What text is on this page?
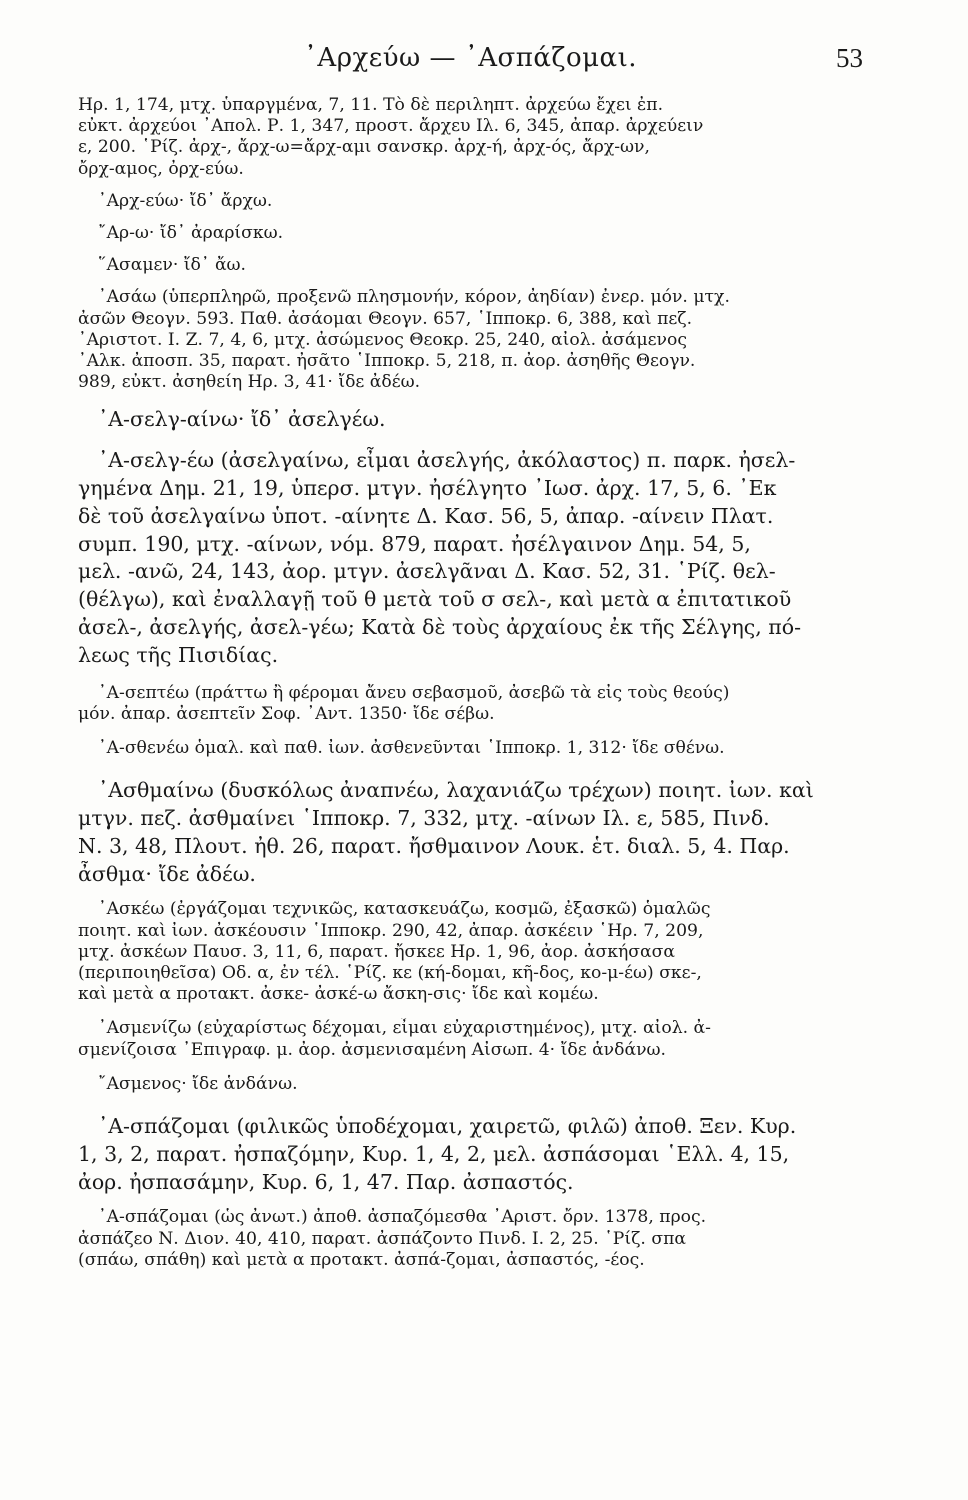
᾿Αρχεύω — ᾿Ασπάζομαι.	53
Ηρ. 1, 174, μτχ. ὑπαργμένα, 7, 11. Τὸ δὲ περιληπτ. ἀρχεύω ἔχει ἐπ.
εὐκτ. ἀρχεύοι ᾿Απολ. Ρ. 1, 347, προστ. ἄρχευ Ιλ. 6, 345, ἀπαρ. ἀρχεύειν
ε, 200. ῾Ρίζ. ἀρχ-, ἄρχ-ω=ἄρχ-αμι σανσκρ. ἀρχ-ή, ἀρχ-ός, ἄρχ-ων,
ὄρχ-αμος, ὀρχ-εύω.
᾿Αρχ-εύω· ἴδ᾽ ἄρχω.
῎Αρ-ω· ἴδ᾽ ἀραρίσκω.
῞Ασαμεν· ἴδ᾽ ἄω.
᾿Ασάω (ὑπερπληρῶ, προξενῶ πλησμονήν, κόρον, ἀηδίαν) ἐνερ. μόν. μτχ.
ἀσῶν Θεογν. 593. Παθ. ἀσάομαι Θεογν. 657, ῾Ιπποκρ. 6, 388, καὶ πεζ.
᾿Αριστοτ. Ι. Ζ. 7, 4, 6, μτχ. ἀσώμενος Θεοκρ. 25, 240, αἰολ. ἀσάμενος
᾿Αλκ. ἀποσπ. 35, παρατ. ἠσᾶτο ῾Ιπποκρ. 5, 218, π. ἀορ. ἀσηθῆς Θεογν.
989, εὐκτ. ἀσηθείη Ηρ. 3, 41· ἴδε ἀδέω.
᾿Α-σελγ-αίνω· ἴδ᾽ ἀσελγέω.
᾿Α-σελγ-έω (ἀσελγαίνω, εἶμαι ἀσελγής, ἀκόλαστος) π. παρκ. ἠσελ-
γημένα Δημ. 21, 19, ὑπερσ. μτγν. ἠσέλγητο ᾿Ιωσ. ἀρχ. 17, 5, 6. ᾿Εκ
δὲ τοῦ ἀσελγαίνω ὑποτ. -αίνητε Δ. Κασ. 56, 5, ἀπαρ. -αίνειν Πλατ.
συμπ. 190, μτχ. -αίνων, νόμ. 879, παρατ. ἠσέλγαινον Δημ. 54, 5,
μελ. -ανῶ, 24, 143, ἀορ. μτγν. ἀσελγᾶναι Δ. Κασ. 52, 31. ῾Ρίζ. θελ-
(θέλγω), καὶ ἐναλλαγῇ τοῦ θ μετὰ τοῦ σ σελ-, καὶ μετὰ α ἐπιτατικοῦ
ἀσελ-, ἀσελγής, ἀσελ-γέω; Κατὰ δὲ τοὺς ἀρχαίους ἐκ τῆς Σέλγης, πό-
λεως τῆς Πισιδίας.
᾿Α-σεπτέω (πράττω ἢ φέρομαι ἄνευ σεβασμοῦ, ἀσεβῶ τὰ εἰς τοὺς θεούς)
μόν. ἀπαρ. ἀσεπτεῖν Σοφ. ᾿Αντ. 1350· ἴδε σέβω.
᾿Α-σθενέω ὁμαλ. καὶ παθ. ἰων. ἀσθενεῦνται ῾Ιπποκρ. 1, 312· ἴδε σθένω.
᾿Ασθμαίνω (δυσκόλως ἀναπνέω, λαχανιάζω τρέχων) ποιητ. ἰων. καὶ
μτγν. πεζ. ἀσθμαίνει ῾Ιπποκρ. 7, 332, μτχ. -αίνων Ιλ. ε, 585, Πινδ.
Ν. 3, 48, Πλουτ. ἠθ. 26, παρατ. ἤσθμαινον Λουκ. ἑτ. διαλ. 5, 4. Παρ.
ἆσθμα· ἴδε ἀδέω.
᾿Ασκέω (ἐργάζομαι τεχνικῶς, κατασκευάζω, κοσμῶ, ἐξασκῶ) ὁμαλῶς
ποιητ. καὶ ἰων. ἀσκέουσιν ῾Ιπποκρ. 290, 42, ἀπαρ. ἀσκέειν ῾Ηρ. 7, 209,
μτχ. ἀσκέων Παυσ. 3, 11, 6, παρατ. ἤσκεε Ηρ. 1, 96, ἀορ. ἀσκήσασα
(περιποιηθεῖσα) Οδ. α, ἐν τέλ. ῾Ρίζ. κε (κή-δομαι, κῆ-δος, κο-μ-έω) σκε-,
καὶ μετὰ α προτακτ. ἀσκε- ἀσκέ-ω ἄσκη-σις· ἴδε καὶ κομέω.
᾿Ασμενίζω (εὐχαρίστως δέχομαι, εἶμαι εὐχαριστημένος), μτχ. αἰολ. ἀ-
σμενίζοισα ᾿Επιγραφ. μ. ἀορ. ἀσμενισαμένη Αἰσωπ. 4· ἴδε ἁνδάνω.
῎Ασμενος· ἴδε ἁνδάνω.
᾿Α-σπάζομαι (φιλικῶς ὑποδέχομαι, χαιρετῶ, φιλῶ) ἀποθ. Ξεν. Κυρ.
1, 3, 2, παρατ. ἠσπαζόμην, Κυρ. 1, 4, 2, μελ. ἀσπάσομαι ῾Ελλ. 4, 15,
ἀορ. ἠσπασάμην, Κυρ. 6, 1, 47. Παρ. ἀσπαστός.
᾿Α-σπάζομαι (ὡς ἀνωτ.) ἀποθ. ἀσπαζόμεσθα ᾿Αριστ. ὄρν. 1378, προς.
ἀσπάζεο Ν. Διον. 40, 410, παρατ. ἀσπάζοντο Πινδ. Ι. 2, 25. ῾Ρίζ. σπα
(σπάω, σπάθη) καὶ μετὰ α προτακτ. ἀσπά-ζομαι, ἀσπαστός, -έος.
